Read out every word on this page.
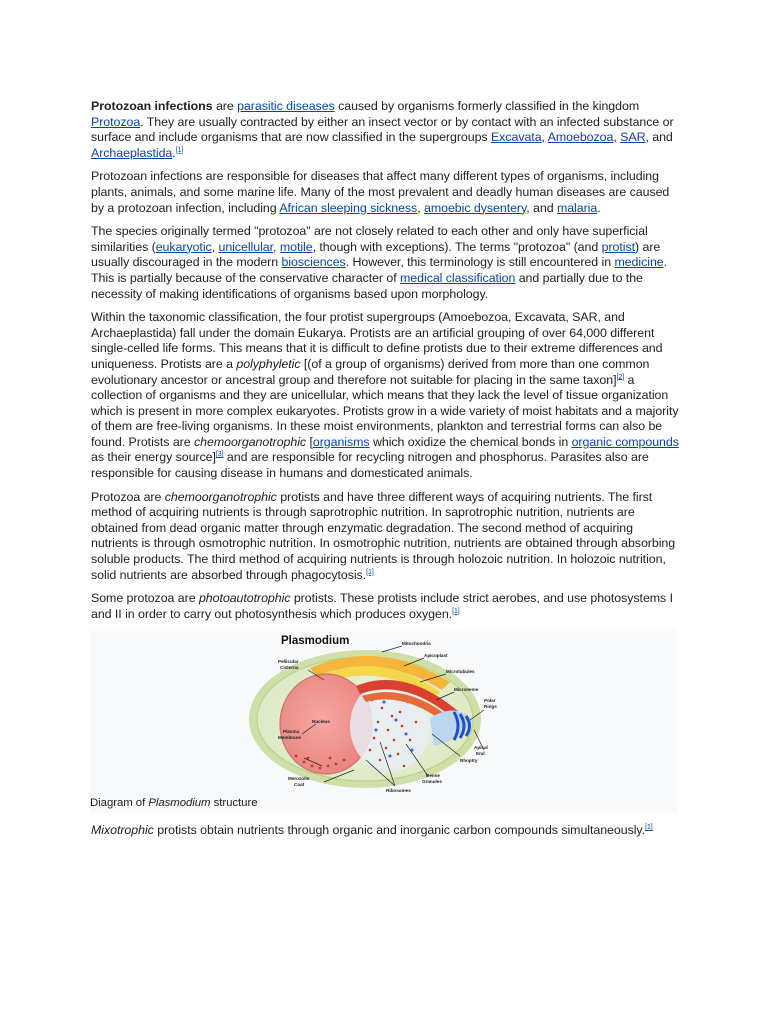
Protozoan infections are parasitic diseases caused by organisms formerly classified in the kingdom Protozoa. They are usually contracted by either an insect vector or by contact with an infected substance or surface and include organisms that are now classified in the supergroups Excavata, Amoebozoa, SAR, and Archaeplastida.[1]

Protozoan infections are responsible for diseases that affect many different types of organisms, including plants, animals, and some marine life. Many of the most prevalent and deadly human diseases are caused by a protozoan infection, including African sleeping sickness, amoebic dysentery, and malaria.

The species originally termed "protozoa" are not closely related to each other and only have superficial similarities (eukaryotic, unicellular, motile, though with exceptions). The terms "protozoa" (and protist) are usually discouraged in the modern biosciences. However, this terminology is still encountered in medicine. This is partially because of the conservative character of medical classification and partially due to the necessity of making identifications of organisms based upon morphology.

Within the taxonomic classification, the four protist supergroups (Amoebozoa, Excavata, SAR, and Archaeplastida) fall under the domain Eukarya. Protists are an artificial grouping of over 64,000 different single-celled life forms. This means that it is difficult to define protists due to their extreme differences and uniqueness. Protists are a polyphyletic [(of a group of organisms) derived from more than one common evolutionary ancestor or ancestral group and therefore not suitable for placing in the same taxon][2] a collection of organisms and they are unicellular, which means that they lack the level of tissue organization which is present in more complex eukaryotes. Protists grow in a wide variety of moist habitats and a majority of them are free-living organisms. In these moist environments, plankton and terrestrial forms can also be found. Protists are chemoorganotrophic [organisms which oxidize the chemical bonds in organic compounds as their energy source][3] and are responsible for recycling nitrogen and phosphorus. Parasites also are responsible for causing disease in humans and domesticated animals.

Protozoa are chemoorganotrophic protists and have three different ways of acquiring nutrients. The first method of acquiring nutrients is through saprotrophic nutrition. In saprotrophic nutrition, nutrients are obtained from dead organic matter through enzymatic degradation. The second method of acquiring nutrients is through osmotrophic nutrition. In osmotrophic nutrition, nutrients are obtained through absorbing soluble products. The third method of acquiring nutrients is through holozoic nutrition. In holozoic nutrition, solid nutrients are absorbed through phagocytosis.[1]

Some protozoa are photoautotrophic protists. These protists include strict aerobes, and use photosystems I and II in order to carry out photosynthesis which produces oxygen.[1]

Plasmodium	Mitochondria
Apicoplast
Microtubules
Microneme
Polar
Rings
Pellicular
Cisterna
Nucleus
Plasma
Membrane
Apical
End
Rhoptry
Dense
Granules
Merozoite
Coat
Ribosomes

Diagram of Plasmodium structure

Mixotrophic protists obtain nutrients through organic and inorganic carbon compounds simultaneously.[1]
